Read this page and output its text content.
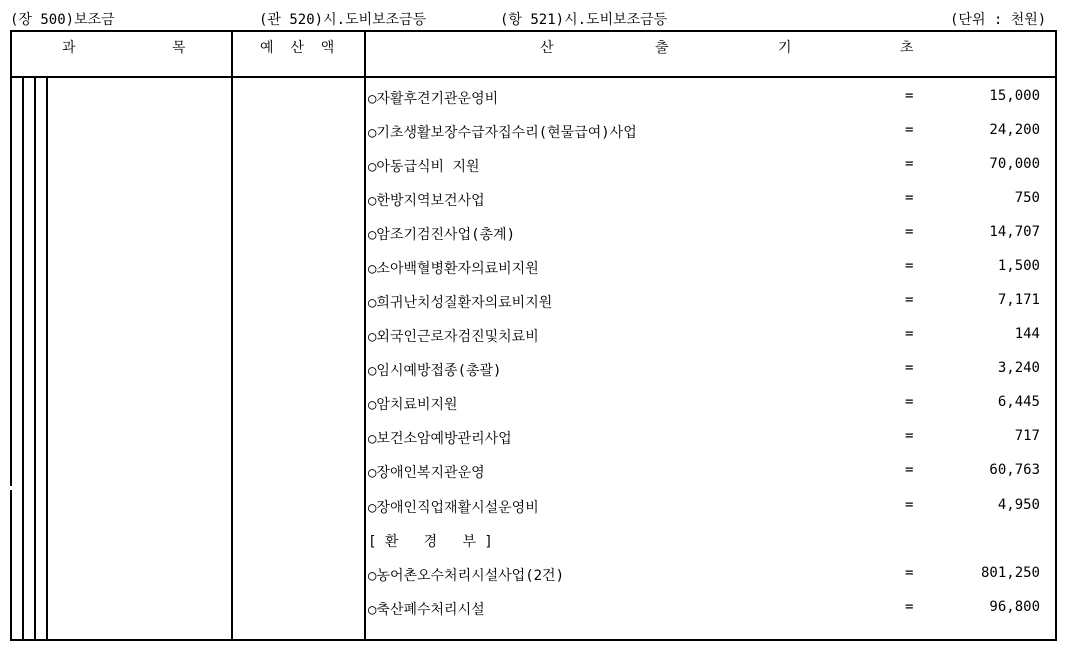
(장 500)보조금	(관 520)시.도비보조금등	(항 521)시.도비보조금등	(단위 : 천원)
과	목	예  산  액	산	출	기	초
○자활후견기관운영비	=	15,000
○기초생활보장수급자집수리(현물급여)사업	=	24,200
○아동급식비 지원	=	70,000
○한방지역보건사업	=	750
○암조기검진사업(총계)	=	14,707
○소아백혈병환자의료비지원	=	1,500
○희귀난치성질환자의료비지원	=	7,171
○외국인근로자검진및치료비	=	144
○임시예방접종(총괄)	=	3,240
○암치료비지원	=	6,445
○보건소암예방관리사업	=	717
○장애인복지관운영	=	60,763
○장애인직업재활시설운영비	=	4,950
[ 환   경   부 ]
○농어촌오수처리시설사업(2건)	=	801,250
○축산폐수처리시설	=	96,800
